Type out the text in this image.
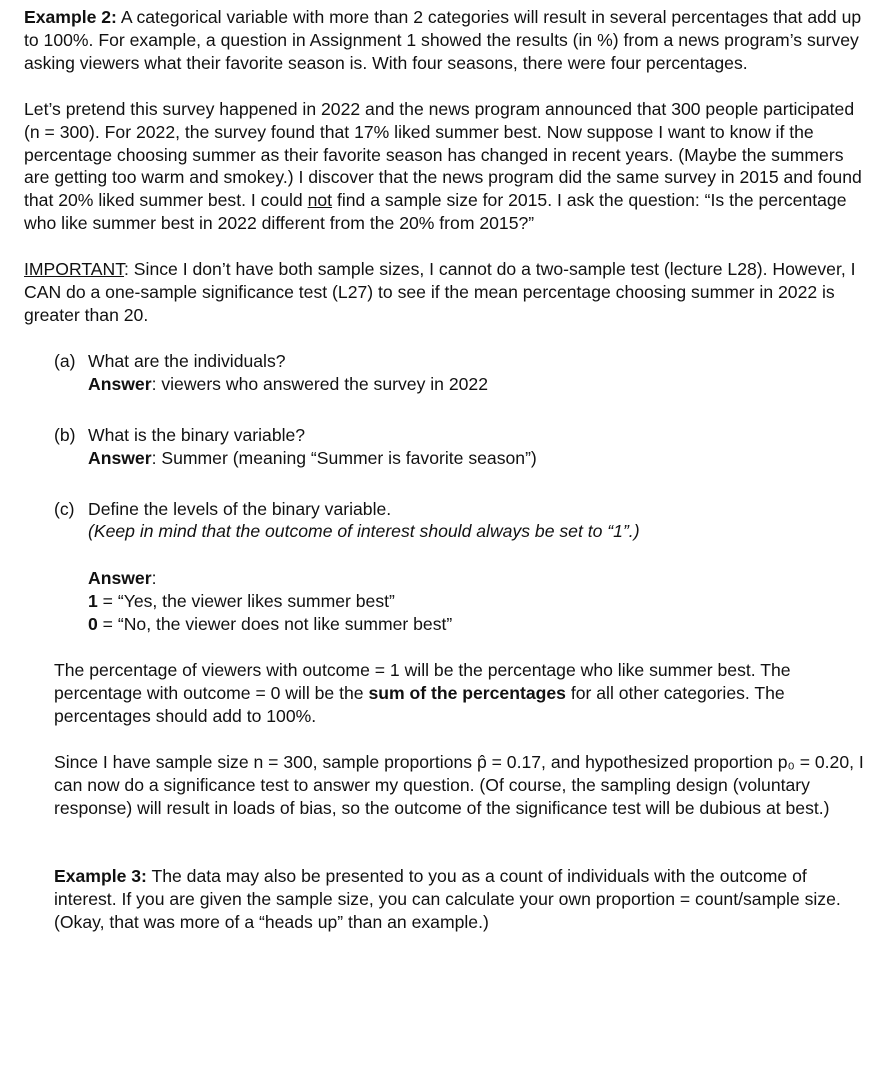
Example 2: A categorical variable with more than 2 categories will result in several percentages that add up to 100%. For example, a question in Assignment 1 showed the results (in %) from a news program’s survey asking viewers what their favorite season is. With four seasons, there were four percentages.

Let’s pretend this survey happened in 2022 and the news program announced that 300 people participated (n = 300). For 2022, the survey found that 17% liked summer best. Now suppose I want to know if the percentage choosing summer as their favorite season has changed in recent years. (Maybe the summers are getting too warm and smokey.) I discover that the news program did the same survey in 2015 and found that 20% liked summer best. I could not find a sample size for 2015. I ask the question: “Is the percentage who like summer best in 2022 different from the 20% from 2015?”

IMPORTANT: Since I don’t have both sample sizes, I cannot do a two-sample test (lecture L28). However, I CAN do a one-sample significance test (L27) to see if the mean percentage choosing summer in 2022 is greater than 20.

(a) What are the individuals?
Answer: viewers who answered the survey in 2022
(b) What is the binary variable?
Answer: Summer (meaning “Summer is favorite season”)
(c) Define the levels of the binary variable.
(Keep in mind that the outcome of interest should always be set to “1”.)
Answer:
1 = “Yes, the viewer likes summer best”
0 = “No, the viewer does not like summer best”

The percentage of viewers with outcome = 1 will be the percentage who like summer best. The percentage with outcome = 0 will be the sum of the percentages for all other categories. The percentages should add to 100%.

Since I have sample size n = 300, sample proportions p̂ = 0.17, and hypothesized proportion p₀ = 0.20, I can now do a significance test to answer my question. (Of course, the sampling design (voluntary response) will result in loads of bias, so the outcome of the significance test will be dubious at best.)

Example 3: The data may also be presented to you as a count of individuals with the outcome of interest. If you are given the sample size, you can calculate your own proportion = count/sample size. (Okay, that was more of a “heads up” than an example.)
